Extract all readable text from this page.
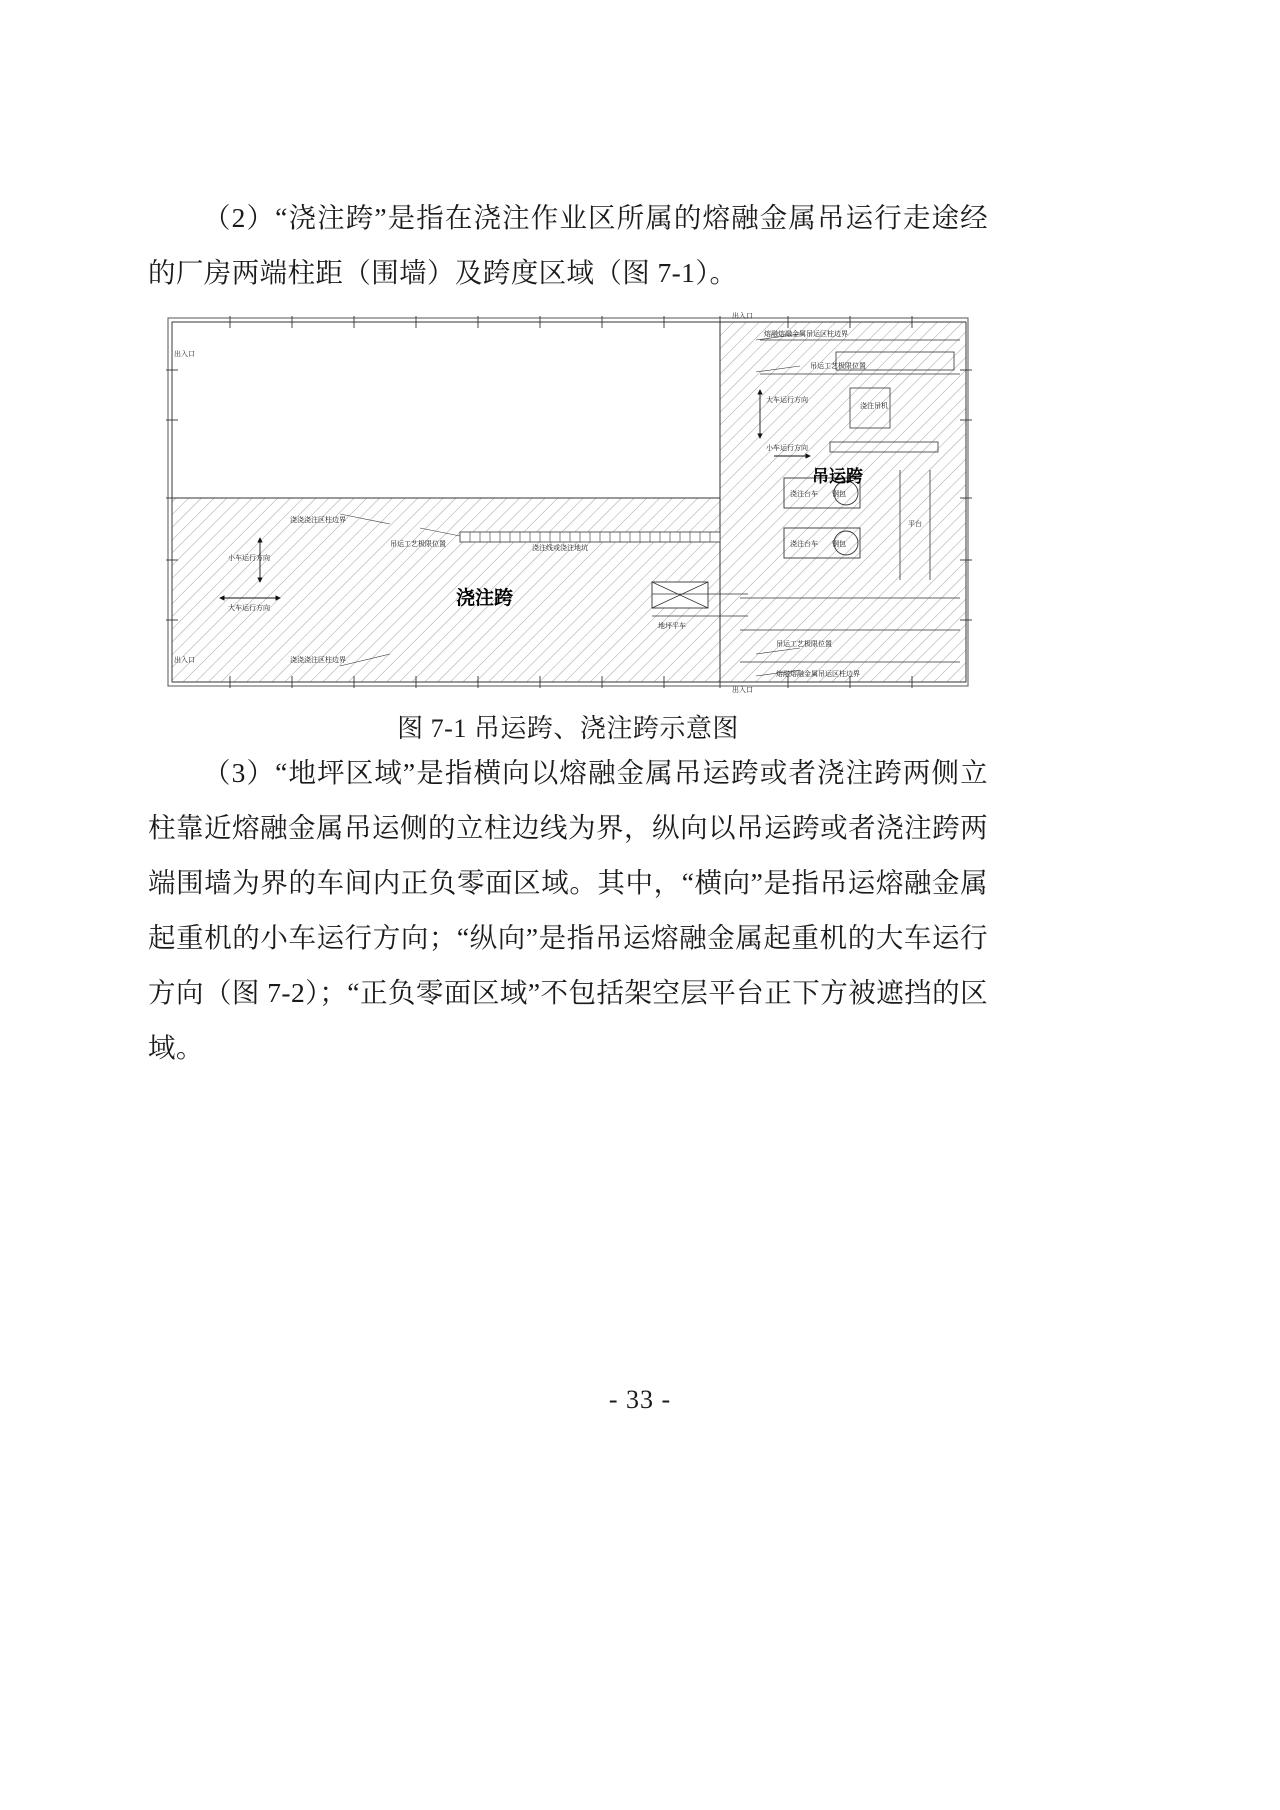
（2）“浇注跨”是指在浇注作业区所属的熔融金属吊运行走途经的厂房两端柱距（围墙）及跨度区域（图 7-1）。

出入口
出入口
出入口
出入口
熔融熔融金属吊运区柱边界
吊运工艺极限位置
大车运行方向
小车运行方向
浇注吊机
浇注台车 钢包
浇注台车 钢包
平台
吊运工艺极限位置
熔融熔融金属吊运区柱边界
浇浇浇注区柱边界
浇浇浇注区柱边界
吊运工艺极限位置
浇注线或浇注地坑
小车运行方向
大车运行方向
地坪平车
浇注跨
吊运跨
图 7-1 吊运跨、浇注跨示意图

（3）“地坪区域”是指横向以熔融金属吊运跨或者浇注跨两侧立柱靠近熔融金属吊运侧的立柱边线为界，纵向以吊运跨或者浇注跨两端围墙为界的车间内正负零面区域。其中，“横向”是指吊运熔融金属起重机的小车运行方向；“纵向”是指吊运熔融金属起重机的大车运行方向（图 7-2）；“正负零面区域”不包括架空层平台正下方被遮挡的区域。

- 33 -
